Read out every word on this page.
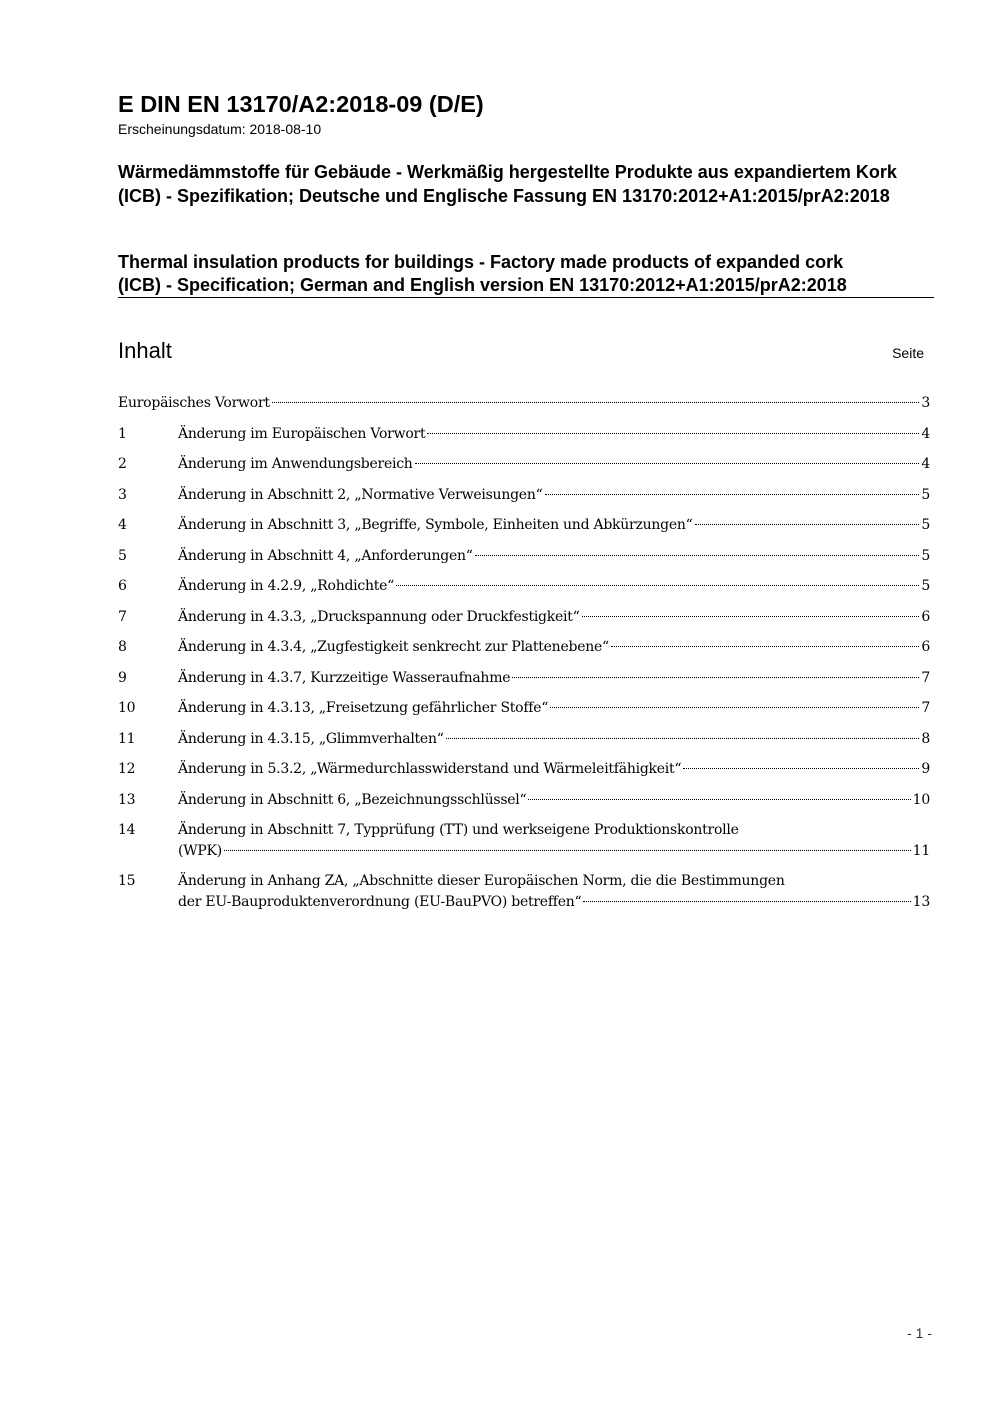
E DIN EN 13170/A2:2018-09 (D/E)
Erscheinungsdatum: 2018-08-10
Wärmedämmstoffe für Gebäude - Werkmäßig hergestellte Produkte aus expandiertem Kork (ICB) - Spezifikation; Deutsche und Englische Fassung EN 13170:2012+A1:2015/prA2:2018
Thermal insulation products for buildings - Factory made products of expanded cork
(ICB) - Specification; German and English version EN 13170:2012+A1:2015/prA2:2018
Inhalt	Seite
Europäisches Vorwort	3
1	Änderung im Europäischen Vorwort	4
2	Änderung im Anwendungsbereich	4
3	Änderung in Abschnitt 2, „Normative Verweisungen“	5
4	Änderung in Abschnitt 3, „Begriffe, Symbole, Einheiten und Abkürzungen“	5
5	Änderung in Abschnitt 4, „Anforderungen“	5
6	Änderung in 4.2.9, „Rohdichte“	5
7	Änderung in 4.3.3, „Druckspannung oder Druckfestigkeit“	6
8	Änderung in 4.3.4, „Zugfestigkeit senkrecht zur Plattenebene“	6
9	Änderung in 4.3.7, Kurzzeitige Wasseraufnahme	7
10	Änderung in 4.3.13, „Freisetzung gefährlicher Stoffe“	7
11	Änderung in 4.3.15, „Glimmverhalten“	8
12	Änderung in 5.3.2, „Wärmedurchlasswiderstand und Wärmeleitfähigkeit“	9
13	Änderung in Abschnitt 6, „Bezeichnungsschlüssel“	10
14	Änderung in Abschnitt 7, Typprüfung (TT) und werkseigene Produktionskontrolle
(WPK)	11
15	Änderung in Anhang ZA, „Abschnitte dieser Europäischen Norm, die die Bestimmungen
der EU-Bauproduktenverordnung (EU-BauPVO) betreffen“	13
- 1 -
